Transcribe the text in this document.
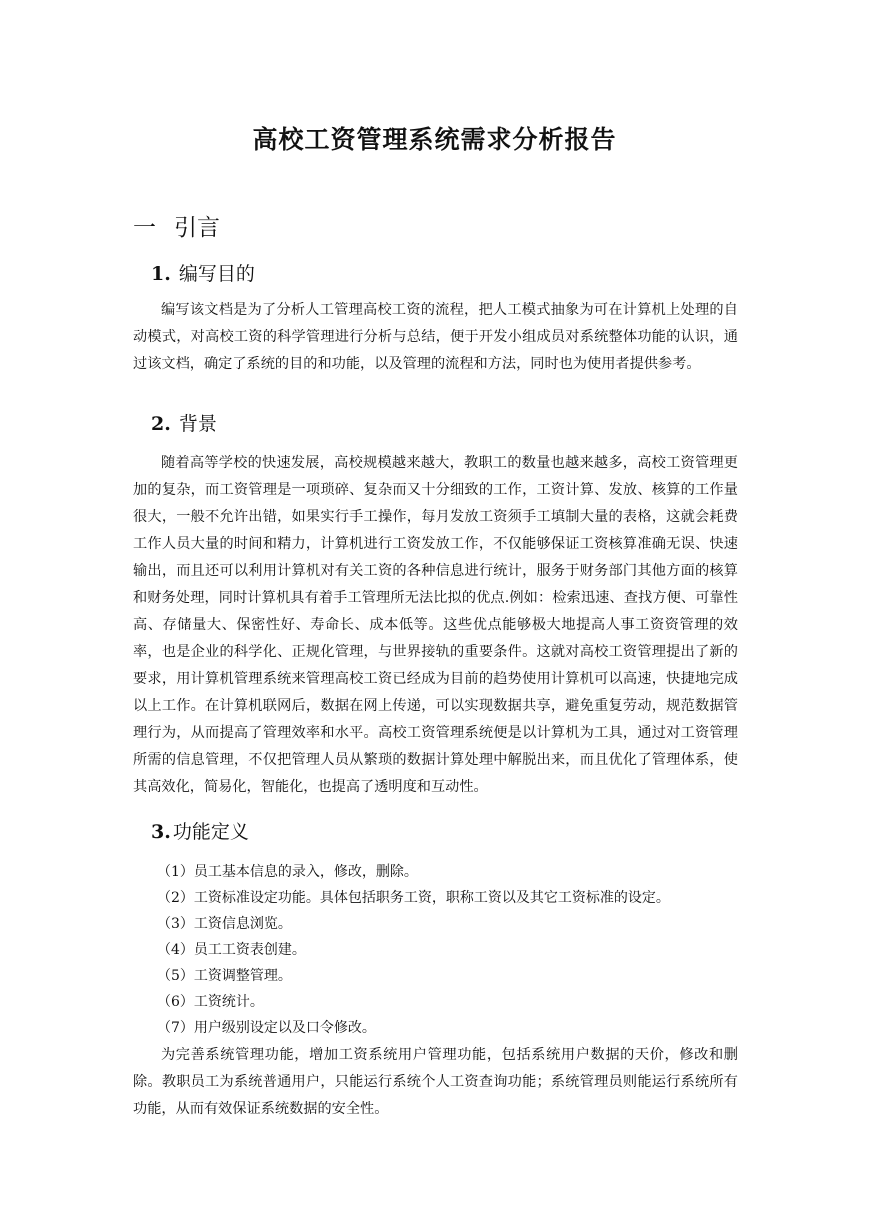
高校工资管理系统需求分析报告
一 引言
1. 编写目的

编写该文档是为了分析人工管理高校工资的流程，把人工模式抽象为可在计算机上处理的自动模式，对高校工资的科学管理进行分析与总结，便于开发小组成员对系统整体功能的认识，通过该文档，确定了系统的目的和功能，以及管理的流程和方法，同时也为使用者提供参考。

2. 背景

随着高等学校的快速发展，高校规模越来越大，教职工的数量也越来越多，高校工资管理更加的复杂，而工资管理是一项琐碎、复杂而又十分细致的工作，工资计算、发放、核算的工作量很大，一般不允许出错，如果实行手工操作，每月发放工资须手工填制大量的表格，这就会耗费工作人员大量的时间和精力，计算机进行工资发放工作，不仅能够保证工资核算准确无误、快速输出，而且还可以利用计算机对有关工资的各种信息进行统计，服务于财务部门其他方面的核算和财务处理，同时计算机具有着手工管理所无法比拟的优点.例如：检索迅速、查找方便、可靠性高、存储量大、保密性好、寿命长、成本低等。这些优点能够极大地提高人事工资资管理的效率，也是企业的科学化、正规化管理，与世界接轨的重要条件。这就对高校工资管理提出了新的要求，用计算机管理系统来管理高校工资已经成为目前的趋势使用计算机可以高速，快捷地完成以上工作。在计算机联网后，数据在网上传递，可以实现数据共享，避免重复劳动，规范数据管理行为，从而提高了管理效率和水平。高校工资管理系统便是以计算机为工具，通过对工资管理所需的信息管理，不仅把管理人员从繁琐的数据计算处理中解脱出来，而且优化了管理体系，使其高效化，简易化，智能化，也提高了透明度和互动性。

3. 功能定义

（1）员工基本信息的录入，修改，删除。

（2）工资标准设定功能。具体包括职务工资，职称工资以及其它工资标准的设定。

（3）工资信息浏览。

（4）员工工资表创建。

（5）工资调整管理。

（6）工资统计。

（7）用户级别设定以及口令修改。

为完善系统管理功能，增加工资系统用户管理功能，包括系统用户数据的天价，修改和删除。教职员工为系统普通用户，只能运行系统个人工资查询功能；系统管理员则能运行系统所有功能，从而有效保证系统数据的安全性。
